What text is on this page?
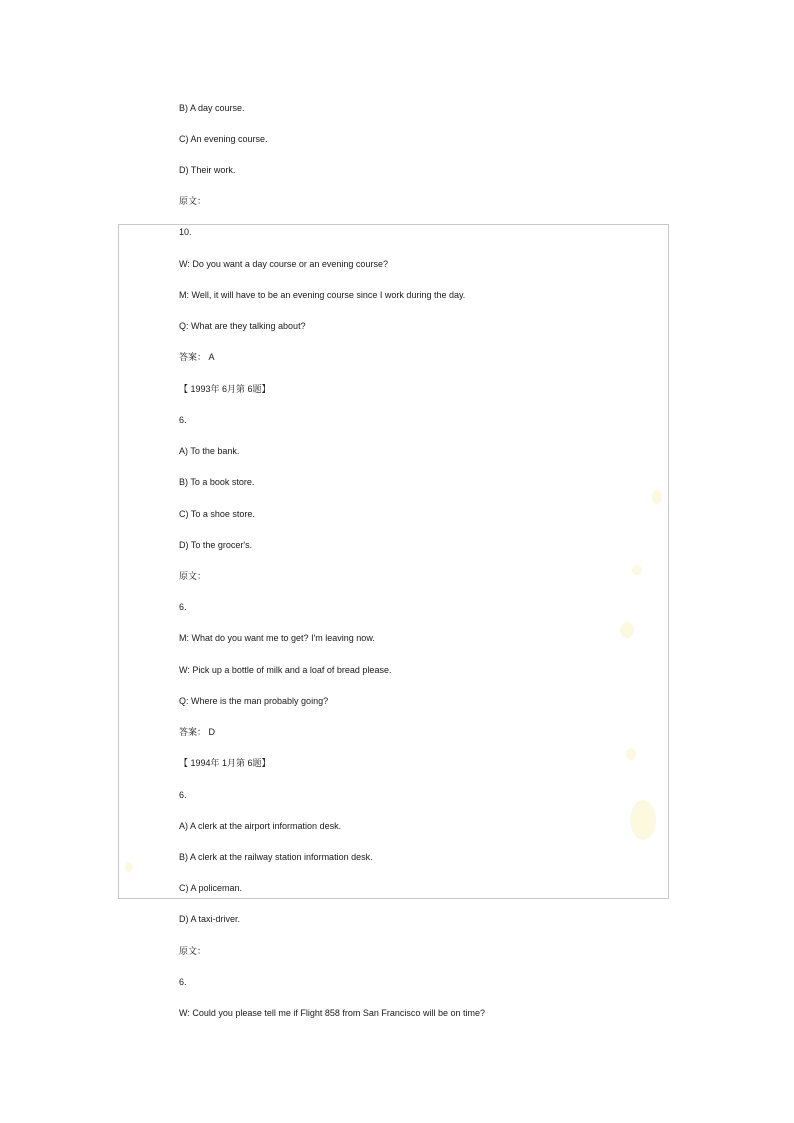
B) A day course.

C) An evening course.

D) Their work.

原文：

10.

W: Do you want a day course or an evening course?

M: Well, it will have to be an evening course since I work during the day.

Q: What are they talking about?

答案： A

【 1993年 6月第 6题】

6.

A) To the bank.

B) To a book store.

C) To a shoe store.

D) To the grocer's.

原文：

6.

M: What do you want me to get? I'm leaving now.

W: Pick up a bottle of milk and a loaf of bread please.

Q: Where is the man probably going?

答案： D

【 1994年 1月第 6题】

6.

A) A clerk at the airport information desk.

B) A clerk at the railway station information desk.

C) A policeman.

D) A taxi-driver.

原文：

6.

W: Could you please tell me if Flight 858 from San Francisco will be on time?
